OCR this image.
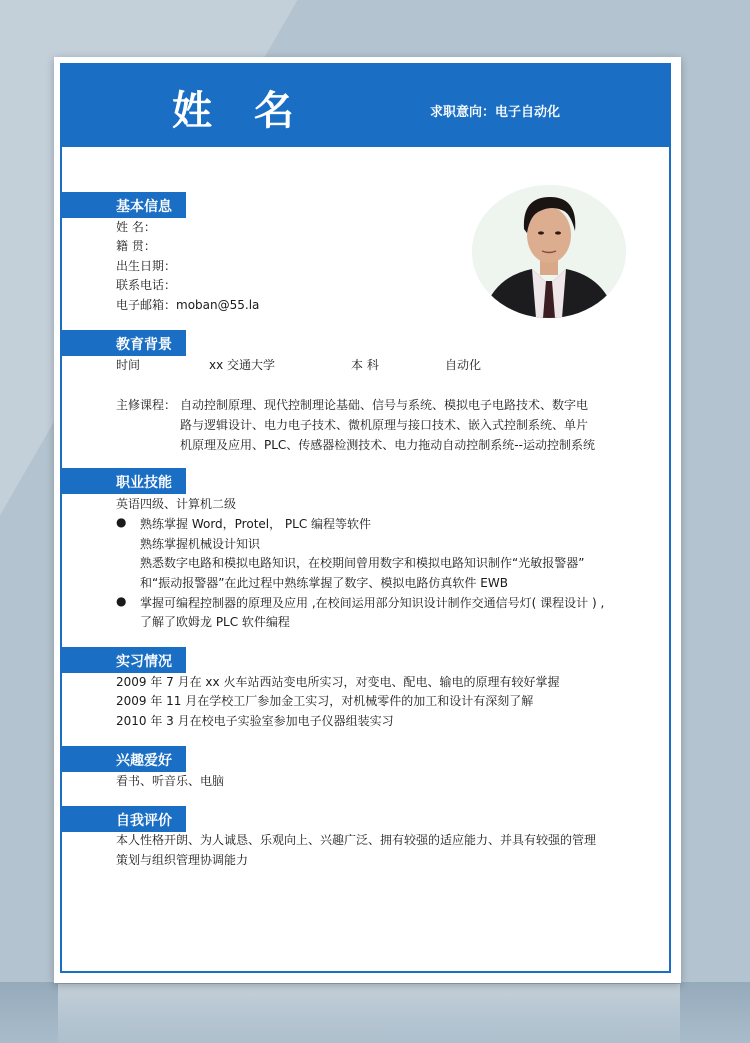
姓 名	求职意向：电子自动化
基本信息
姓 名：
籍 贯：
出生日期：
联系电话：
电子邮箱：moban@55.la
教育背景
时间	xx 交通大学	本 科	自动化
主修课程： 自动控制原理、现代控制理论基础、信号与系统、模拟电子电路技术、数字电
路与逻辑设计、电力电子技术、微机原理与接口技术、嵌入式控制系统、单片
机原理及应用、PLC、传感器检测技术、电力拖动自动控制系统--运动控制系统
职业技能
英语四级、计算机二级
● 熟练掌握 Word，Protel， PLC 编程等软件
熟练掌握机械设计知识
熟悉数字电路和模拟电路知识，在校期间曾用数字和模拟电路知识制作“光敏报警器”
和“振动报警器”在此过程中熟练掌握了数字、模拟电路仿真软件 EWB
● 掌握可编程控制器的原理及应用 ,在校间运用部分知识设计制作交通信号灯( 课程设计 ) ,
了解了欧姆龙 PLC 软件编程
实习情况
2009 年 7 月在 xx 火车站西站变电所实习，对变电、配电、输电的原理有较好掌握
2009 年 11 月在学校工厂参加金工实习，对机械零件的加工和设计有深刻了解
2010 年 3 月在校电子实验室参加电子仪器组装实习
兴趣爱好
看书、听音乐、电脑
自我评价
本人性格开朗、为人诚恳、乐观向上、兴趣广泛、拥有较强的适应能力、并具有较强的管理
策划与组织管理协调能力
